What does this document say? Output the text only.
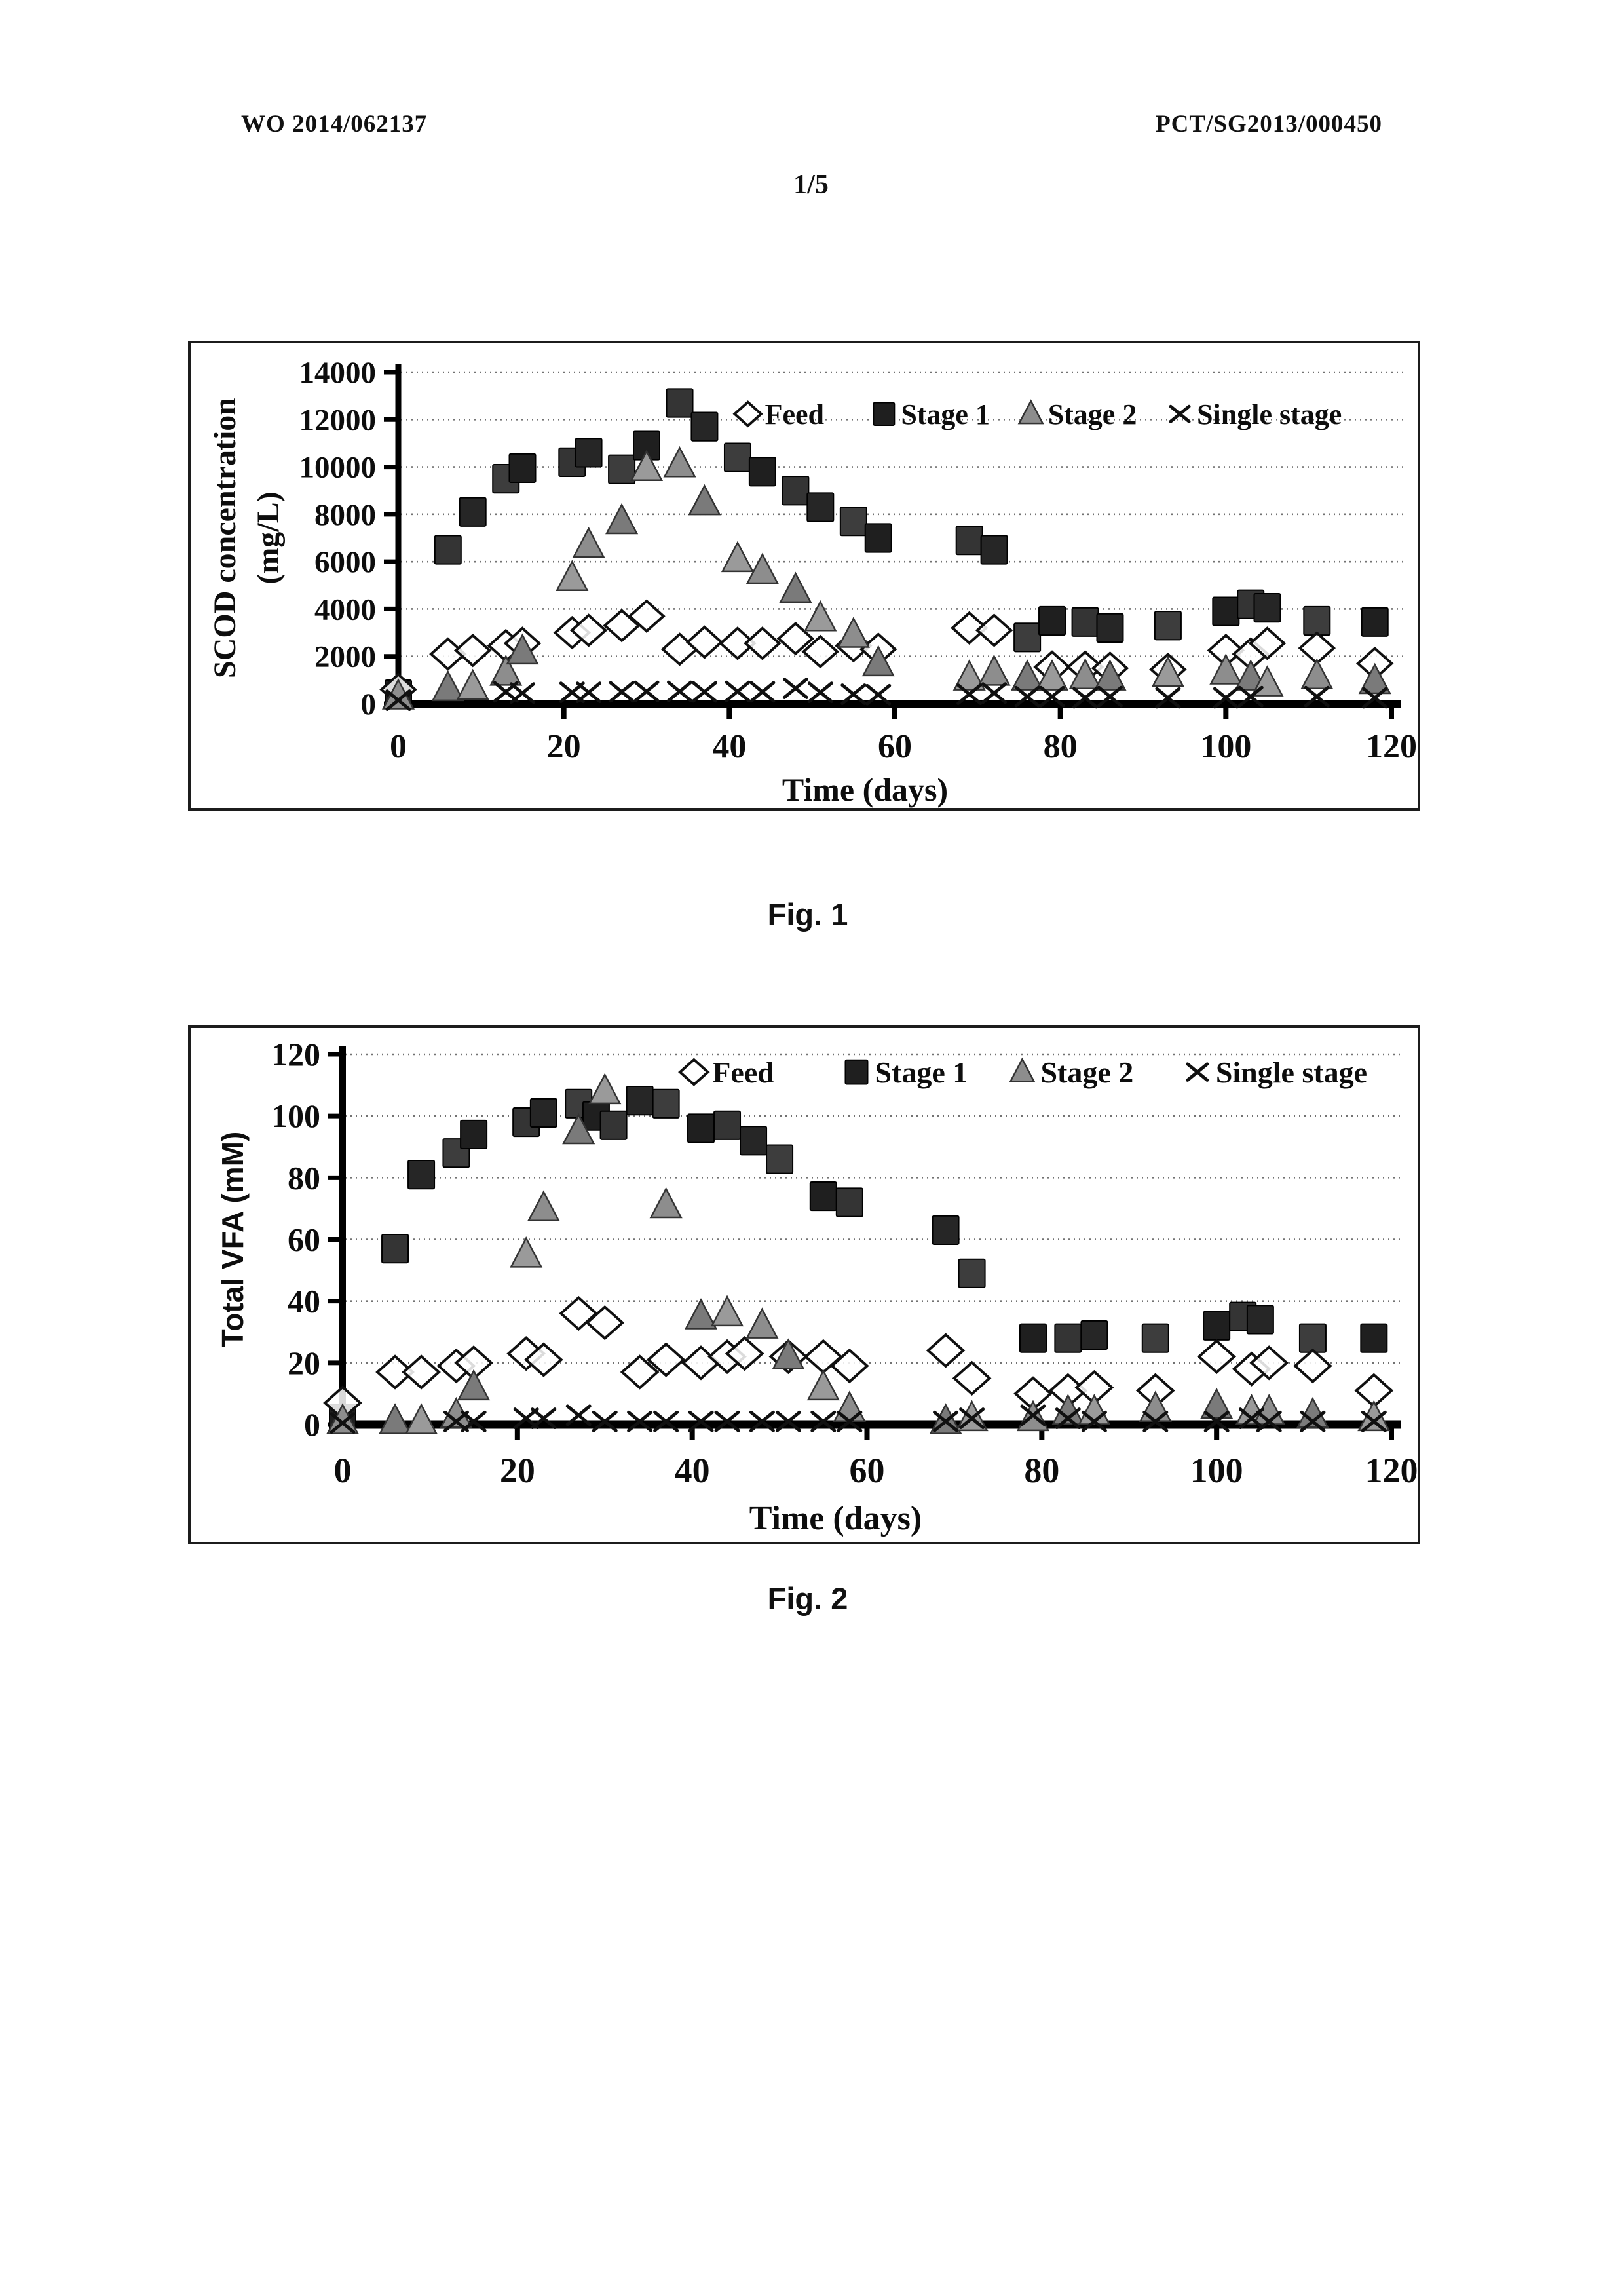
WO 2014/062137	PCT/SG2013/000450
1/5
0
2000
4000
6000
8000
10000
12000
14000
0	20	40	60	80	100	120
Time (days)
SCOD concentration (mg/L)
Feed	Stage 1 Stage 2 Single stage
Fig. 1
0
20
40
60
80
100
120
0	20	40	60	80	100	120
Time (days)
Total VFA (mM)
Feed	Stage 1 Stage 2	Single stage
Fig. 2
